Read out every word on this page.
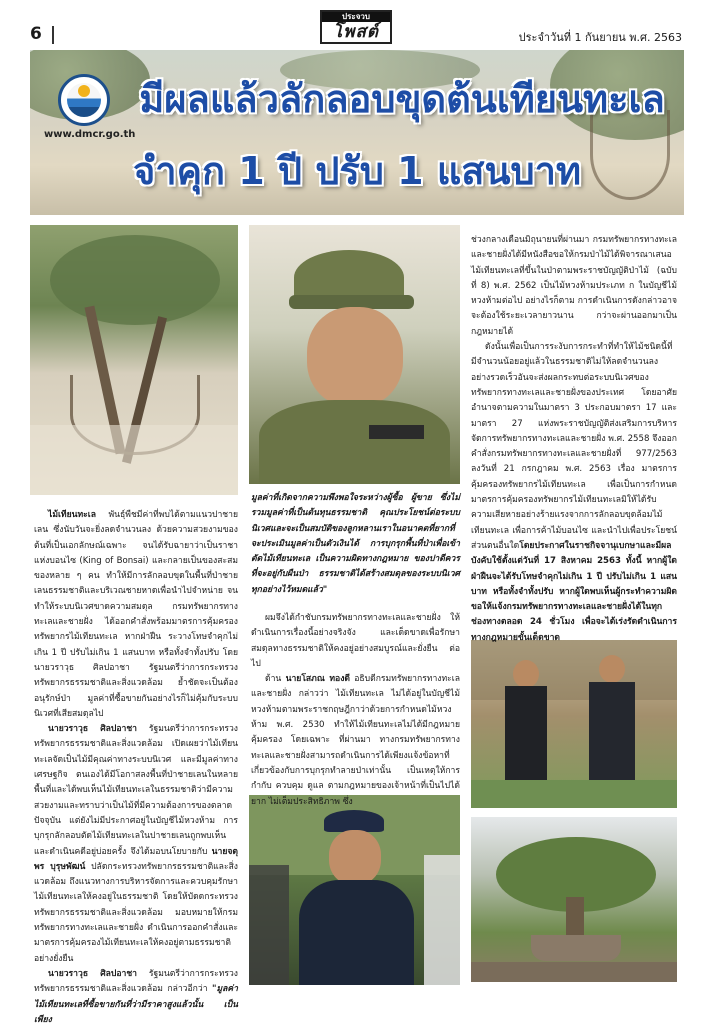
6
ประจวบ
โพสต์	ประจำวันที่ 1 กันยายน พ.ศ. 2563
www.dmcr.go.th
มีผลแล้วลักลอบขุดต้นเทียนทะเล
จำคุก 1 ปี ปรับ 1 แสนบาท

ไม้เทียนทะเล พันธุ์พืชมีค่าที่พบได้ตามแนวปาชายเลน ซึ่งนับวันจะยิ่งลดจำนวนลง ด้วยความสวยงามของต้นที่เป็นเอกลักษณ์เฉพาะ จนได้รับฉายาว่าเป็นราชาแห่งบอนไซ (King of Bonsai) และกลายเป็นของสะสมของหลาย ๆ คน ทำให้มีการลักลอบขุดในพื้นที่ป่าชายเลนธรรมชาติและบริเวณชายหาดเพื่อนำไปจำหน่าย จนทำให้ระบบนิเวศขาดความสมดุล กรมทรัพยากรทางทะเลและชายฝั่ง ได้ออกคำสั่งพร้อมมาตรการคุ้มครองทรัพยากรไม้เทียนทะเล หากฝ่าฝืน ระวางโทษจำคุกไม่เกิน 1 ปี ปรับไม่เกิน 1 แสนบาท หรือทั้งจำทั้งปรับ โดยนายวราวุธ ศิลปอาชา รัฐมนตรีว่าการกระทรวงทรัพยากรธรรมชาติและสิ่งแวดล้อม ย้ำชัดจะเป็นต้องอนุรักษ์ป่า มูลค่าที่ซื้อขายกันอย่างไรก็ไม่คุ้มกับระบบนิเวศที่เสียสมดุลไป

นายวราวุธ ศิลปอาชา รัฐมนตรีว่าการกระทรวงทรัพยากรธรรมชาติและสิ่งแวดล้อม เปิดเผยว่าไม้เทียนทะเลจัดเป็นไม้มีคุณค่าทางระบบนิเวศ และมีมูลค่าทางเศรษฐกิจ ตนเองได้มีโอกาสลงพื้นที่ป่าชายเลนในหลายพื้นที่และได้พบเห็นไม้เทียนทะเลในธรรมชาติว่ามีความสวยงามและทราบว่าเป็นไม้ที่มีความต้องการของตลาดปัจจุบัน แต่ยังไม่มีประกาศอยู่ในบัญชีไม้หวงห้าม การบุกรุกลักลอบตัดไม้เทียนทะเลในปาชายเลนถูกพบเห็นและดำเนินคดีอยู่บ่อยครั้ง จึงได้มอบนโยบายกับ นายจตุพร บุรุษพัฒน์ ปลัดกระทรวงทรัพยากรธรรมชาติและสิ่งแวดล้อม ถึงแนวทางการบริหารจัดการและควบคุมรักษาไม้เทียนทะเลให้คงอยู่ในธรรมชาติ โดยให้บัดดกระทรวงทรัพยากรธรรมชาติและสิ่งแวดล้อม มอบหมายให้กรมทรัพยากรทางทะเลและชายฝั่ง ดำเนินการออกคำสั่งและมาตรการคุ้มครองไม้เทียนทะเลให้คงอยู่ตามธรรมชาติอย่างยั่งยืน

นายวราวุธ ศิลปอาชา รัฐมนตรีว่าการกระทรวงทรัพยากรธรรมชาติและสิ่งแวดล้อม กล่าวอีกว่า "มูลค่าไม้เทียนทะเลที่ซื้อขายกันที่ว่ามีราคาสูงแล้วนั้น เป็นเพียง

มูลค่าที่เกิดจากความพึงพอใจระหว่างผู้ซื้อ ผู้ขาย ซึ่งไม่รวมมูลค่าที่เป็นต้นทุนธรรมชาติ คุณประโยชน์ต่อระบบนิเวศและจะเป็นสมบัติของลูกหลานเราในอนาคตที่ยากที่จะประเมินมูลค่าเป็นตัวเงินได้ การบุกรุกพื้นที่ป่าเพื่อเข้าตัดไม้เทียนทะเล เป็นความผิดทางกฎหมาย ของปาดีควรที่จะอยู่กับผืนป่า ธรรมชาติได้สร้างสมดุลของระบบนิเวศทุกอย่างไว้หมดแล้ว"

ผมจึงได้กำชับกรมทรัพยากรทางทะเลและชายฝั่ง ให้ดำเนินการเรื่องนี้อย่างจริงจัง และเด็ดขาดเพื่อรักษาสมดุลทางธรรมชาติให้คงอยู่อย่างสมบูรณ์และยั่งยืน ต่อไป

ด้าน นายโสภณ ทองดี อธิบดีกรมทรัพยากรทางทะเลและชายฝั่ง กล่าวว่า ไม้เทียนทะเล ไม่ได้อยู่ในบัญชีไม้หวงห้ามตามพระราชกฤษฎีกาว่าด้วยการกำหนดไม้หวงห้าม พ.ศ. 2530 ทำให้ไม้เทียนทะเลไม่ได้มีกฎหมายคุ้มครอง โดยเฉพาะ ที่ผ่านมา ทางกรมทรัพยากรทางทะเลและชายฝั่งสามารถดำเนินการได้เพียงแจ้งข้อหาที่เกี่ยวข้องกับการบุกรุกทำลายป่าเท่านั้น เป็นเหตุให้การกำกับ ควบคุม ดูแล ตามกฎหมายของเจ้าหน้าที่เป็นไปได้ยาก ไม่เต็มประสิทธิภาพ ซึ่ง

ช่วงกลางเดือนมิถุนายนที่ผ่านมา กรมทรัพยากรทางทะเลและชายฝั่งได้มีหนังสือขอให้กรมป่าไม้ได้พิจารณาเสนอไม้เทียนทะเลที่ขึ้นในป่าตามพระราชบัญญัติป่าไม้ (ฉบับที่ 8) พ.ศ. 2562 เป็นไม้หวงห้ามประเภท ก ในบัญชีไม้หวงห้ามต่อไป อย่างไรก็ตาม การดำเนินการดังกล่าวอาจจะต้องใช้ระยะเวลายาวนาน กว่าจะผ่านออกมาเป็นกฎหมายได้

ดังนั้นเพื่อเป็นการระงับการกระทำที่ทำให้ไม้ชนิดนี้ที่มีจำนวนน้อยอยู่แล้วในธรรมชาติไม่ให้ลดจำนวนลงอย่างรวดเร็วอันจะส่งผลกระทบต่อระบบนิเวศของทรัพยากรทางทะเลและชายฝั่งของประเทศ โดยอาศัยอำนาจตามความในมาตรา 3 ประกอบมาตรา 17 และมาตรา 27 แห่งพระราชบัญญัติส่งเสริมการบริหารจัดการทรัพยากรทางทะเลและชายฝั่ง พ.ศ. 2558 จึงออกคำสั่งกรมทรัพยากรทางทะเลและชายฝั่งที่ 977/2563 ลงวันที่ 21 กรกฎาคม พ.ศ. 2563 เรื่อง มาตรการคุ้มครองทรัพยากรไม้เทียนทะเล เพื่อเป็นการกำหนดมาตรการคุ้มครองทรัพยากรไม้เทียนทะเลมิให้ได้รับความเสียหายอย่างร้ายแรงจากการลักลอบขุดล้อมไม้เทียนทะเล เพื่อการค้าไม้บอนไซ และนำไปเพื่อประโยชน์ส่วนตนอื่นใดโดยประกาศในราชกิจจานุเบกษาและมีผลบังคับใช้ตั้งแต่วันที่ 17 สิงหาคม 2563 ทั้งนี้ หากผู้ใดฝ่าฝืนจะได้รับโทษจำคุกไม่เกิน 1 ปี ปรับไม่เกิน 1 แสนบาท หรือทั้งจำทั้งปรับ หากผู้ใดพบเห็นผู้กระทำความผิดขอให้แจ้งกรมทรัพยากรทางทะเลและชายฝั่งได้ในทุกช่องทางตลอด 24 ชั่วโมง เพื่อจะได้เร่งรัดดำเนินการทางกฎหมายขั้นเด็ดขาด
